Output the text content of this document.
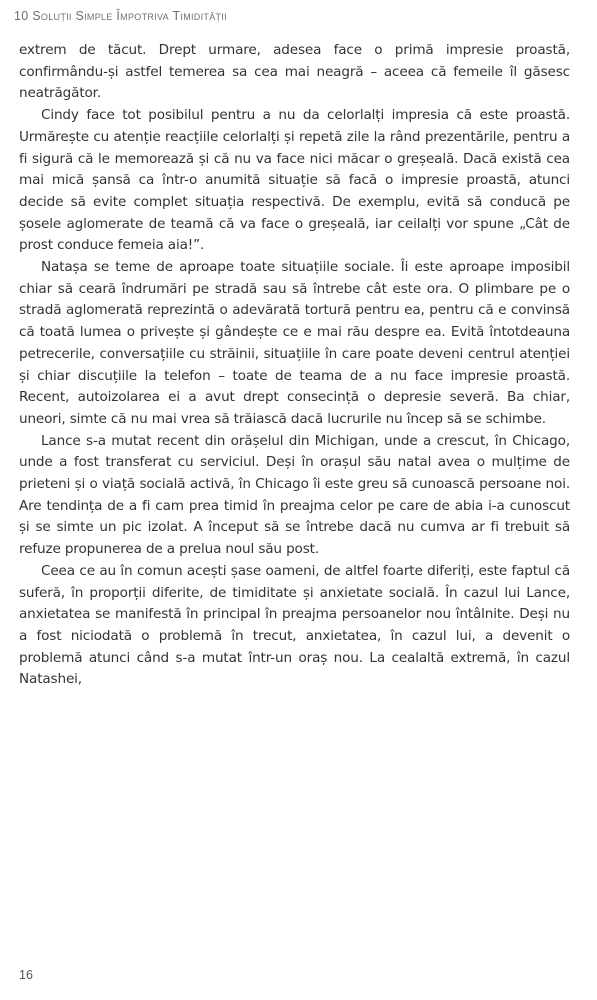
10 Soluții Simple Împotriva Timidității

extrem de tăcut. Drept urmare, adesea face o primă impresie proastă, confirmându-și astfel temerea sa cea mai neagră – aceea că femeile îl găsesc neatrăgător.

Cindy face tot posibilul pentru a nu da celorlalți impresia că este proastă. Urmărește cu atenție reacțiile celorlalți și repetă zile la rând prezentările, pentru a fi sigură că le memorează și că nu va face nici măcar o greșeală. Dacă există cea mai mică șansă ca într-o anumită situație să facă o impresie proastă, atunci decide să evite complet situația respectivă. De exemplu, evită să conducă pe șosele aglomerate de teamă că va face o greșeală, iar ceilalți vor spune „Cât de prost conduce femeia aia!”.

Natașa se teme de aproape toate situațiile sociale. Îi este aproape imposibil chiar să ceară îndrumări pe stradă sau să întrebe cât este ora. O plimbare pe o stradă aglomerată reprezintă o adevărată tortură pentru ea, pentru că e convinsă că toată lumea o privește și gândește ce e mai rău despre ea. Evită întotdeauna petrecerile, conversațiile cu străinii, situațiile în care poate deveni centrul atenției și chiar discuțiile la telefon – toate de teama de a nu face impresie proastă. Recent, autoizolarea ei a avut drept consecință o depresie severă. Ba chiar, uneori, simte că nu mai vrea să trăiască dacă lucrurile nu încep să se schimbe.

Lance s-a mutat recent din orășelul din Michigan, unde a crescut, în Chicago, unde a fost transferat cu serviciul. Deși în orașul său natal avea o mulțime de prieteni și o viață socială activă, în Chicago îi este greu să cunoască persoane noi. Are tendința de a fi cam prea timid în preajma celor pe care de abia i-a cunoscut și se simte un pic izolat. A început să se întrebe dacă nu cumva ar fi trebuit să refuze propunerea de a prelua noul său post.

Ceea ce au în comun acești șase oameni, de altfel foarte diferiți, este faptul că suferă, în proporții diferite, de timiditate și anxietate socială. În cazul lui Lance, anxietatea se manifestă în principal în preajma persoanelor nou întâlnite. Deși nu a fost niciodată o problemă în trecut, anxietatea, în cazul lui, a devenit o problemă atunci când s-a mutat într-un oraș nou. La cealaltă extremă, în cazul Natashei,

16
